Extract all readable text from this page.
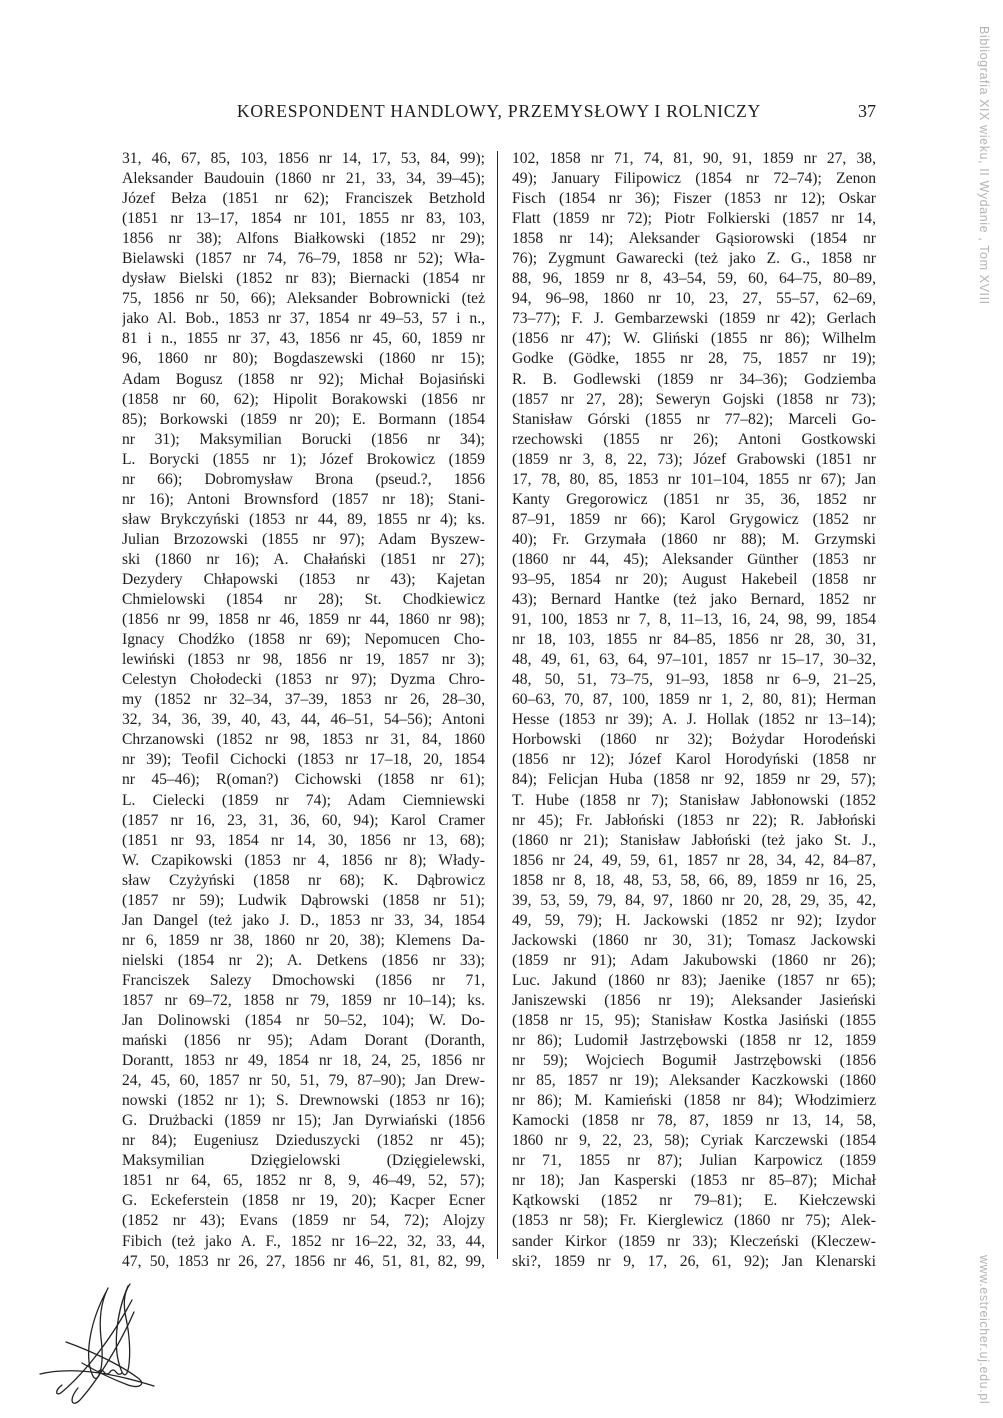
KORESPONDENT HANDLOWY, PRZEMYSŁOWY I ROLNICZY	37
31, 46, 67, 85, 103, 1856 nr 14, 17, 53, 84, 99);
Aleksander Baudouin (1860 nr 21, 33, 34, 39–45);
Józef Bełza (1851 nr 62); Franciszek Betzhold
(1851 nr 13–17, 1854 nr 101, 1855 nr 83, 103,
1856 nr 38); Alfons Białkowski (1852 nr 29);
Bielawski (1857 nr 74, 76–79, 1858 nr 52); Wła-
dysław Bielski (1852 nr 83); Biernacki (1854 nr
75, 1856 nr 50, 66); Aleksander Bobrownicki (też
jako Al. Bob., 1853 nr 37, 1854 nr 49–53, 57 i n.,
81 i n., 1855 nr 37, 43, 1856 nr 45, 60, 1859 nr
96, 1860 nr 80); Bogdaszewski (1860 nr 15);
Adam Bogusz (1858 nr 92); Michał Bojasiński
(1858 nr 60, 62); Hipolit Borakowski (1856 nr
85); Borkowski (1859 nr 20); E. Bormann (1854
nr 31); Maksymilian Borucki (1856 nr 34);
L. Borycki (1855 nr 1); Józef Brokowicz (1859
nr 66); Dobromysław Brona (pseud.?, 1856
nr 16); Antoni Brownsford (1857 nr 18); Stani-
sław Brykczyński (1853 nr 44, 89, 1855 nr 4); ks.
Julian Brzozowski (1855 nr 97); Adam Byszew-
ski (1860 nr 16); A. Chałański (1851 nr 27);
Dezydery Chłapowski (1853 nr 43); Kajetan
Chmielowski (1854 nr 28); St. Chodkiewicz
(1856 nr 99, 1858 nr 46, 1859 nr 44, 1860 nr 98);
Ignacy Chodźko (1858 nr 69); Nepomucen Cho-
lewiński (1853 nr 98, 1856 nr 19, 1857 nr 3);
Celestyn Chołodecki (1853 nr 97); Dyzma Chro-
my (1852 nr 32–34, 37–39, 1853 nr 26, 28–30,
32, 34, 36, 39, 40, 43, 44, 46–51, 54–56); Antoni
Chrzanowski (1852 nr 98, 1853 nr 31, 84, 1860
nr 39); Teofil Cichocki (1853 nr 17–18, 20, 1854
nr 45–46); R(oman?) Cichowski (1858 nr 61);
L. Cielecki (1859 nr 74); Adam Ciemniewski
(1857 nr 16, 23, 31, 36, 60, 94); Karol Cramer
(1851 nr 93, 1854 nr 14, 30, 1856 nr 13, 68);
W. Czapikowski (1853 nr 4, 1856 nr 8); Włady-
sław Czyżyński (1858 nr 68); K. Dąbrowicz
(1857 nr 59); Ludwik Dąbrowski (1858 nr 51);
Jan Dangel (też jako J. D., 1853 nr 33, 34, 1854
nr 6, 1859 nr 38, 1860 nr 20, 38); Klemens Da-
nielski (1854 nr 2); A. Detkens (1856 nr 33);
Franciszek Salezy Dmochowski (1856 nr 71,
1857 nr 69–72, 1858 nr 79, 1859 nr 10–14); ks.
Jan Dolinowski (1854 nr 50–52, 104); W. Do-
mański (1856 nr 95); Adam Dorant (Doranth,
Dorantt, 1853 nr 49, 1854 nr 18, 24, 25, 1856 nr
24, 45, 60, 1857 nr 50, 51, 79, 87–90); Jan Drew-
nowski (1852 nr 1); S. Drewnowski (1853 nr 16);
G. Drużbacki (1859 nr 15); Jan Dyrwiański (1856
nr 84); Eugeniusz Dzieduszycki (1852 nr 45);
Maksymilian Dzięgielowski (Dzięgielewski,
1851 nr 64, 65, 1852 nr 8, 9, 46–49, 52, 57);
G. Eckeferstein (1858 nr 19, 20); Kacper Ecner
(1852 nr 43); Evans (1859 nr 54, 72); Alojzy
Fibich (też jako A. F., 1852 nr 16–22, 32, 33, 44,
47, 50, 1853 nr 26, 27, 1856 nr 46, 51, 81, 82, 99,
102, 1858 nr 71, 74, 81, 90, 91, 1859 nr 27, 38,
49); January Filipowicz (1854 nr 72–74); Zenon
Fisch (1854 nr 36); Fiszer (1853 nr 12); Oskar
Flatt (1859 nr 72); Piotr Folkierski (1857 nr 14,
1858 nr 14); Aleksander Gąsiorowski (1854 nr
76); Zygmunt Gawarecki (też jako Z. G., 1858 nr
88, 96, 1859 nr 8, 43–54, 59, 60, 64–75, 80–89,
94, 96–98, 1860 nr 10, 23, 27, 55–57, 62–69,
73–77); F. J. Gembarzewski (1859 nr 42); Gerlach
(1856 nr 47); W. Gliński (1855 nr 86); Wilhelm
Godke (Gödke, 1855 nr 28, 75, 1857 nr 19);
R. B. Godlewski (1859 nr 34–36); Godziemba
(1857 nr 27, 28); Seweryn Gojski (1858 nr 73);
Stanisław Górski (1855 nr 77–82); Marceli Go-
rzechowski (1855 nr 26); Antoni Gostkowski
(1859 nr 3, 8, 22, 73); Józef Grabowski (1851 nr
17, 78, 80, 85, 1853 nr 101–104, 1855 nr 67); Jan
Kanty Gregorowicz (1851 nr 35, 36, 1852 nr
87–91, 1859 nr 66); Karol Grygowicz (1852 nr
40); Fr. Grzymała (1860 nr 88); M. Grzymski
(1860 nr 44, 45); Aleksander Günther (1853 nr
93–95, 1854 nr 20); August Hakebeil (1858 nr
43); Bernard Hantke (też jako Bernard, 1852 nr
91, 100, 1853 nr 7, 8, 11–13, 16, 24, 98, 99, 1854
nr 18, 103, 1855 nr 84–85, 1856 nr 28, 30, 31,
48, 49, 61, 63, 64, 97–101, 1857 nr 15–17, 30–32,
48, 50, 51, 73–75, 91–93, 1858 nr 6–9, 21–25,
60–63, 70, 87, 100, 1859 nr 1, 2, 80, 81); Herman
Hesse (1853 nr 39); A. J. Hollak (1852 nr 13–14);
Horbowski (1860 nr 32); Bożydar Horodeński
(1856 nr 12); Józef Karol Horodyński (1858 nr
84); Felicjan Huba (1858 nr 92, 1859 nr 29, 57);
T. Hube (1858 nr 7); Stanisław Jabłonowski (1852
nr 45); Fr. Jabłoński (1853 nr 22); R. Jabłoński
(1860 nr 21); Stanisław Jabłoński (też jako St. J.,
1856 nr 24, 49, 59, 61, 1857 nr 28, 34, 42, 84–87,
1858 nr 8, 18, 48, 53, 58, 66, 89, 1859 nr 16, 25,
39, 53, 59, 79, 84, 97, 1860 nr 20, 28, 29, 35, 42,
49, 59, 79); H. Jackowski (1852 nr 92); Izydor
Jackowski (1860 nr 30, 31); Tomasz Jackowski
(1859 nr 91); Adam Jakubowski (1860 nr 26);
Luc. Jakund (1860 nr 83); Jaenike (1857 nr 65);
Janiszewski (1856 nr 19); Aleksander Jasieński
(1858 nr 15, 95); Stanisław Kostka Jasiński (1855
nr 86); Ludomił Jastrzębowski (1858 nr 12, 1859
nr 59); Wojciech Bogumił Jastrzębowski (1856
nr 85, 1857 nr 19); Aleksander Kaczkowski (1860
nr 86); M. Kamieński (1858 nr 84); Włodzimierz
Kamocki (1858 nr 78, 87, 1859 nr 13, 14, 58,
1860 nr 9, 22, 23, 58); Cyriak Karczewski (1854
nr 71, 1855 nr 87); Julian Karpowicz (1859
nr 18); Jan Kasperski (1853 nr 85–87); Michał
Kątkowski (1852 nr 79–81); E. Kiełczewski
(1853 nr 58); Fr. Kierglewicz (1860 nr 75); Alek-
sander Kirkor (1859 nr 33); Kleczeński (Kleczew-
ski?, 1859 nr 9, 17, 26, 61, 92); Jan Klenarski
Bibliografia XIX wieku, II Wydanie , Tom XVIII
www.estreicher.uj.edu.pl
